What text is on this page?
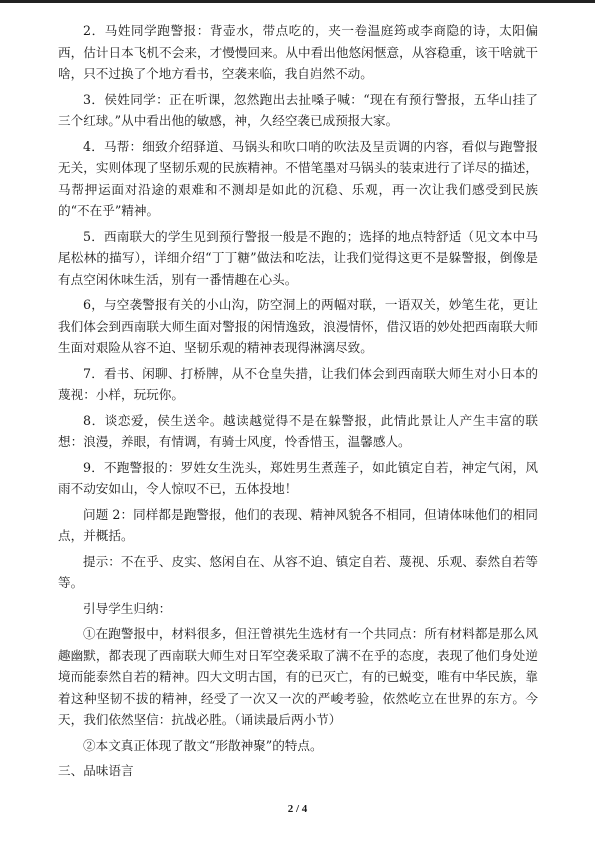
2．马姓同学跑警报：背壶水，带点吃的，夹一卷温庭筠或李商隐的诗，太阳偏西，估计日本飞机不会来，才慢慢回来。从中看出他悠闲惬意，从容稳重，该干啥就干啥，只不过换了个地方看书，空袭来临，我自岿然不动。

3．侯姓同学：正在听课，忽然跑出去扯嗓子喊：“现在有预行警报，五华山挂了三个红球。”从中看出他的敏感，神，久经空袭已成预报大家。

4．马帮：细致介绍驿道、马锅头和吹口哨的吹法及呈贡调的内容，看似与跑警报无关，实则体现了坚韧乐观的民族精神。不惜笔墨对马锅头的装束进行了详尽的描述，马帮押运面对沿途的艰难和不测却是如此的沉稳、乐观，再一次让我们感受到民族的“不在乎”精神。

5．西南联大的学生见到预行警报一般是不跑的；选择的地点特舒适（见文本中马尾松林的描写），详细介绍“丁丁糖”做法和吃法，让我们觉得这更不是躲警报，倒像是有点空闲休味生活，别有一番情趣在心头。

6，与空袭警报有关的小山沟，防空洞上的两幅对联，一语双关，妙笔生花，更让我们体会到西南联大师生面对警报的闲情逸致，浪漫情怀，借汉语的妙处把西南联大师生面对艰险从容不迫、坚韧乐观的精神表现得淋漓尽致。

7．看书、闲聊、打桥牌，从不仓皇失措，让我们体会到西南联大师生对小日本的蔑视：小样，玩玩你。

8．谈恋爱，侯生送伞。越读越觉得不是在躲警报，此情此景让人产生丰富的联想：浪漫，养眼，有情调，有骑士风度，怜香惜玉，温馨感人。

9．不跑警报的：罗姓女生洗头，郑姓男生煮莲子，如此镇定自若，神定气闲，风雨不动安如山，令人惊叹不已，五体投地！

问题 2：同样都是跑警报，他们的表现、精神风貌各不相同，但请体味他们的相同点，并概括。

提示：不在乎、皮实、悠闲自在、从容不迫、镇定自若、蔑视、乐观、泰然自若等等。

引导学生归纳：

①在跑警报中，材料很多，但汪曾祺先生选材有一个共同点：所有材料都是那么风趣幽默，都表现了西南联大师生对日军空袭采取了满不在乎的态度，表现了他们身处逆境而能泰然自若的精神。四大文明古国，有的已灭亡，有的已蜕变，唯有中华民族，靠着这种坚韧不拔的精神，经受了一次又一次的严峻考验，依然屹立在世界的东方。今天，我们依然坚信：抗战必胜。（诵读最后两小节）

②本文真正体现了散文“形散神聚”的特点。

三、品味语言

2 / 4
